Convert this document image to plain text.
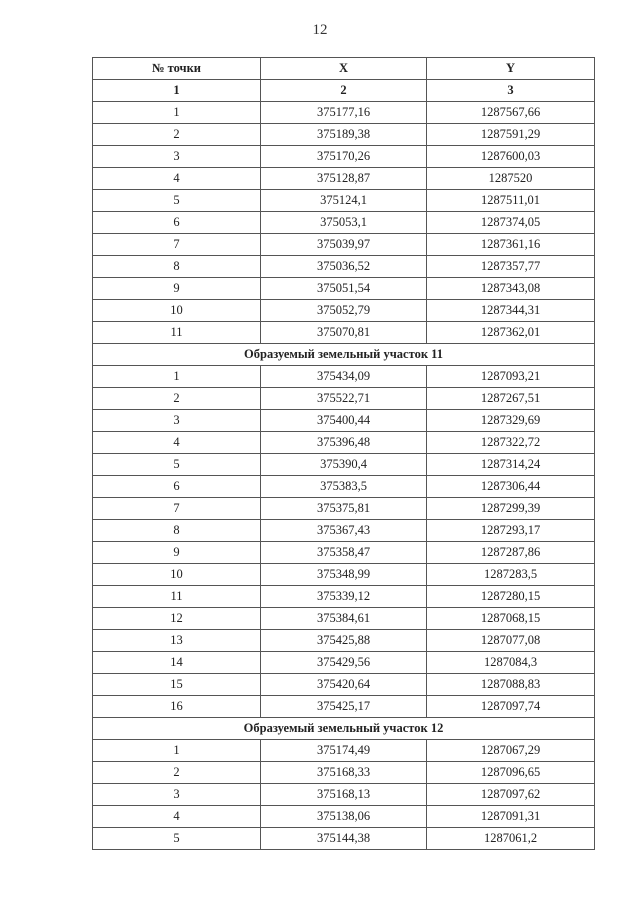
12
№ точки	X	Y
1	2	3
1	375177,16	1287567,66
2	375189,38	1287591,29
3	375170,26	1287600,03
4	375128,87	1287520
5	375124,1	1287511,01
6	375053,1	1287374,05
7	375039,97	1287361,16
8	375036,52	1287357,77
9	375051,54	1287343,08
10	375052,79	1287344,31
11	375070,81	1287362,01
Образуемый земельный участок 11		
1	375434,09	1287093,21
2	375522,71	1287267,51
3	375400,44	1287329,69
4	375396,48	1287322,72
5	375390,4	1287314,24
6	375383,5	1287306,44
7	375375,81	1287299,39
8	375367,43	1287293,17
9	375358,47	1287287,86
10	375348,99	1287283,5
11	375339,12	1287280,15
12	375384,61	1287068,15
13	375425,88	1287077,08
14	375429,56	1287084,3
15	375420,64	1287088,83
16	375425,17	1287097,74
Образуемый земельный участок 12		
1	375174,49	1287067,29
2	375168,33	1287096,65
3	375168,13	1287097,62
4	375138,06	1287091,31
5	375144,38	1287061,2
